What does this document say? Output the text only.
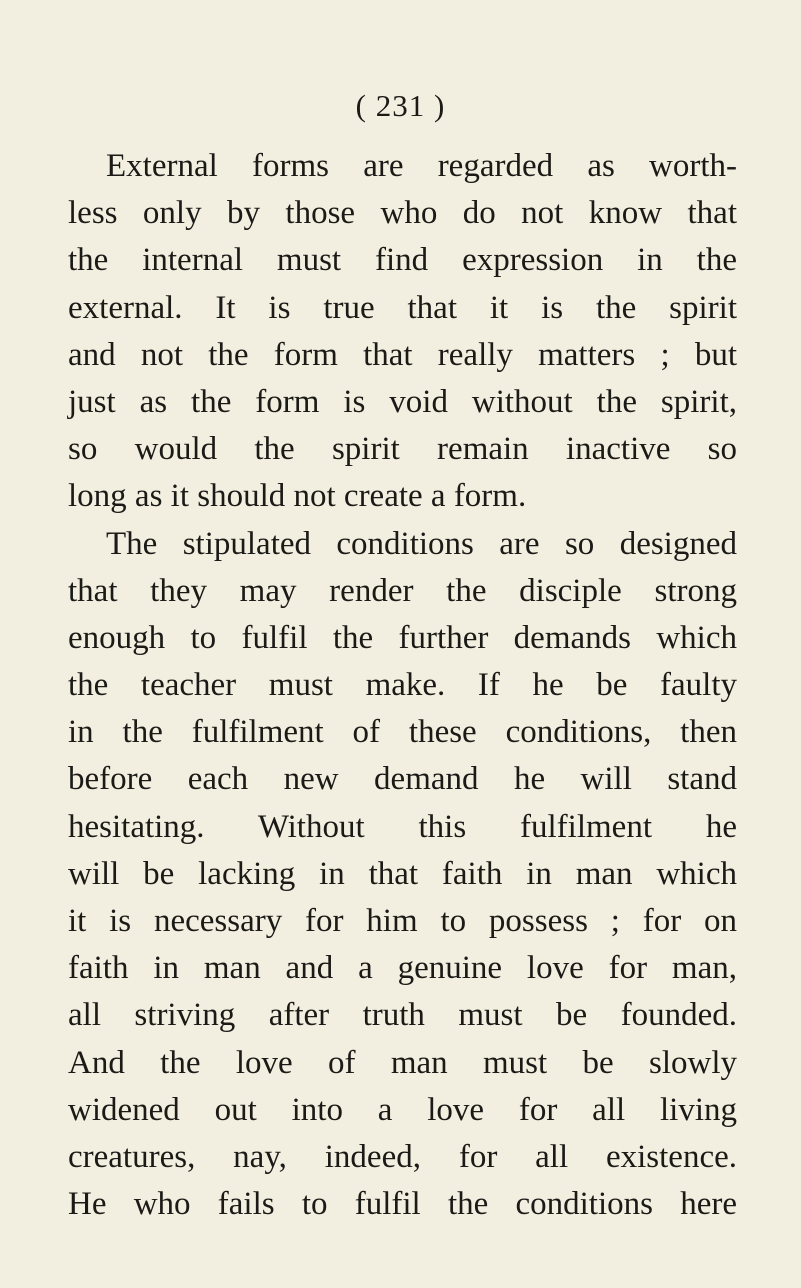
( 231 )
External forms are regarded as worth-
less only by those who do not know that
the internal must find expression in the
external. It is true that it is the spirit
and not the form that really matters ; but
just as the form is void without the spirit,
so would the spirit remain inactive so
long as it should not create a form.
The stipulated conditions are so designed
that they may render the disciple strong
enough to fulfil the further demands which
the teacher must make. If he be faulty
in the fulfilment of these conditions, then
before each new demand he will stand
hesitating. Without this fulfilment he
will be lacking in that faith in man which
it is necessary for him to possess ; for on
faith in man and a genuine love for man,
all striving after truth must be founded.
And the love of man must be slowly
widened out into a love for all living
creatures, nay, indeed, for all existence.
He who fails to fulfil the conditions here
